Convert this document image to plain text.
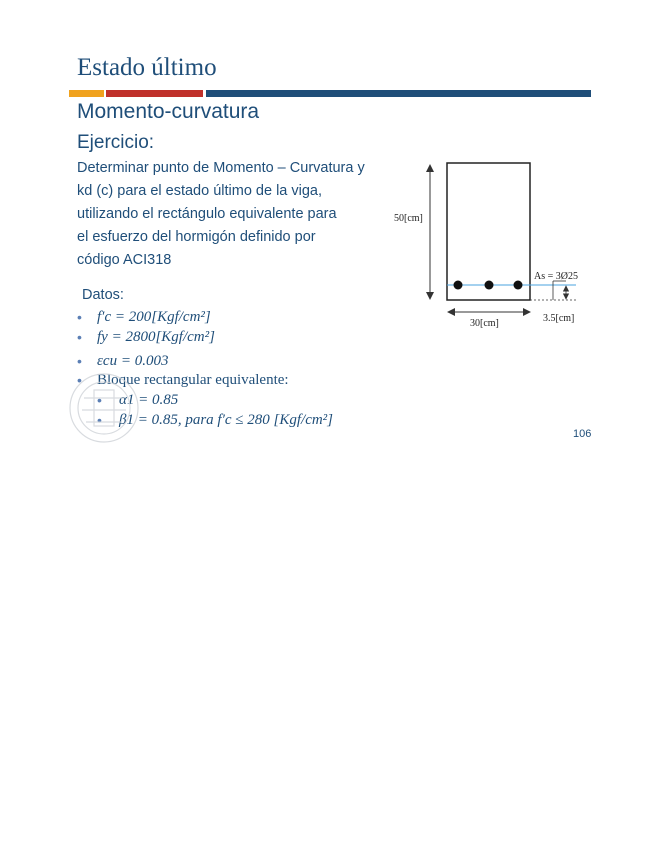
Estado último
Momento-curvatura
Ejercicio:
Determinar punto de Momento – Curvatura y
kd (c) para el estado último de la viga,
utilizando el rectángulo equivalente para
el esfuerzo del hormigón definido por
código ACI318
Datos:
• f′c = 200[Kgf/cm²]
• fy = 2800[Kgf/cm²]
• εcu = 0.003
• Bloque rectangular equivalente:
• α1 = 0.85
• β1 = 0.85, para f′c ≤ 280 [Kgf/cm²]
50[cm]
30[cm]
As = 3Ø25
3.5[cm]
106
